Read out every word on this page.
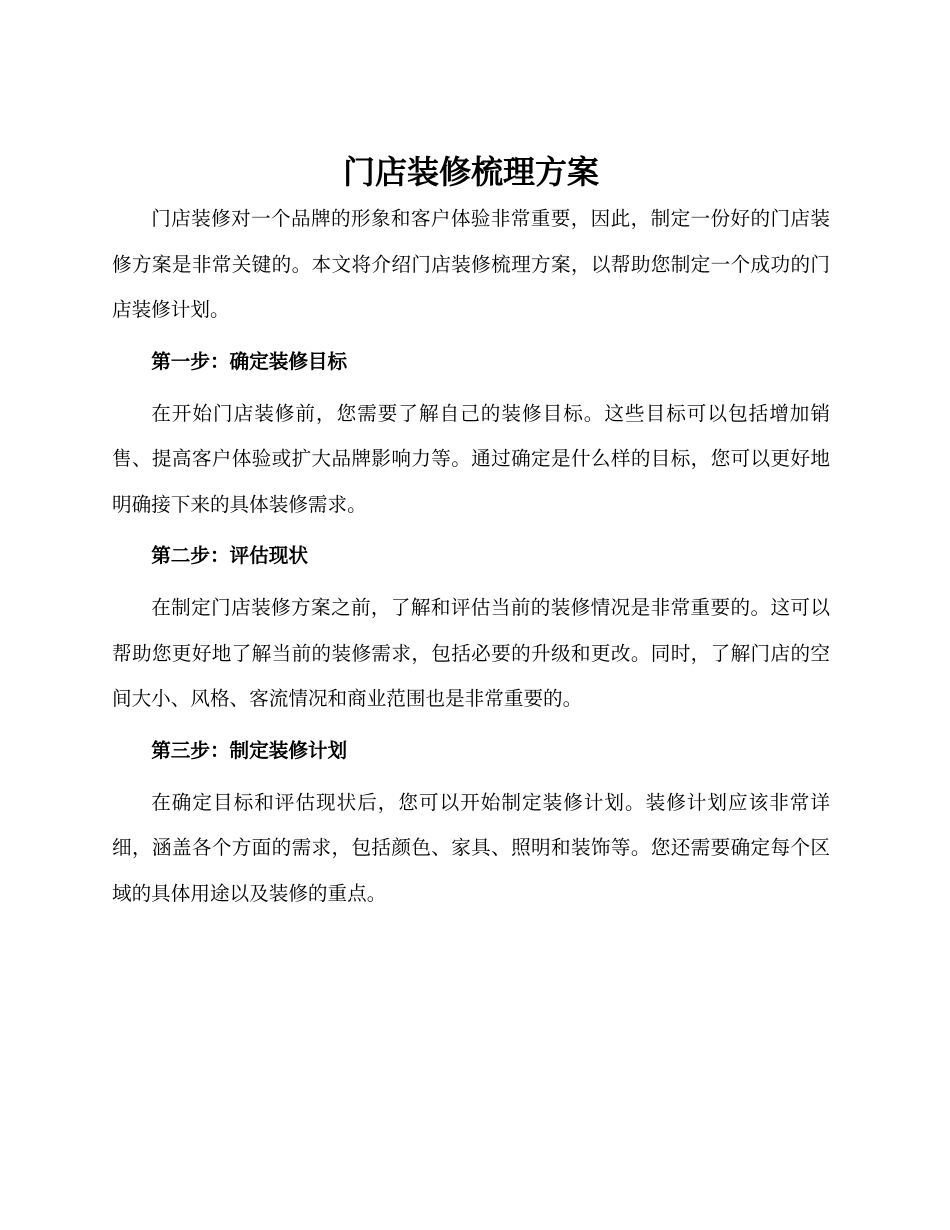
门店装修梳理方案

门店装修对一个品牌的形象和客户体验非常重要，因此，制定一份好的门店装修方案是非常关键的。本文将介绍门店装修梳理方案，以帮助您制定一个成功的门店装修计划。

第一步：确定装修目标

在开始门店装修前，您需要了解自己的装修目标。这些目标可以包括增加销售、提高客户体验或扩大品牌影响力等。通过确定是什么样的目标，您可以更好地明确接下来的具体装修需求。

第二步：评估现状

在制定门店装修方案之前，了解和评估当前的装修情况是非常重要的。这可以帮助您更好地了解当前的装修需求，包括必要的升级和更改。同时，了解门店的空间大小、风格、客流情况和商业范围也是非常重要的。

第三步：制定装修计划

在确定目标和评估现状后，您可以开始制定装修计划。装修计划应该非常详细，涵盖各个方面的需求，包括颜色、家具、照明和装饰等。您还需要确定每个区域的具体用途以及装修的重点。
